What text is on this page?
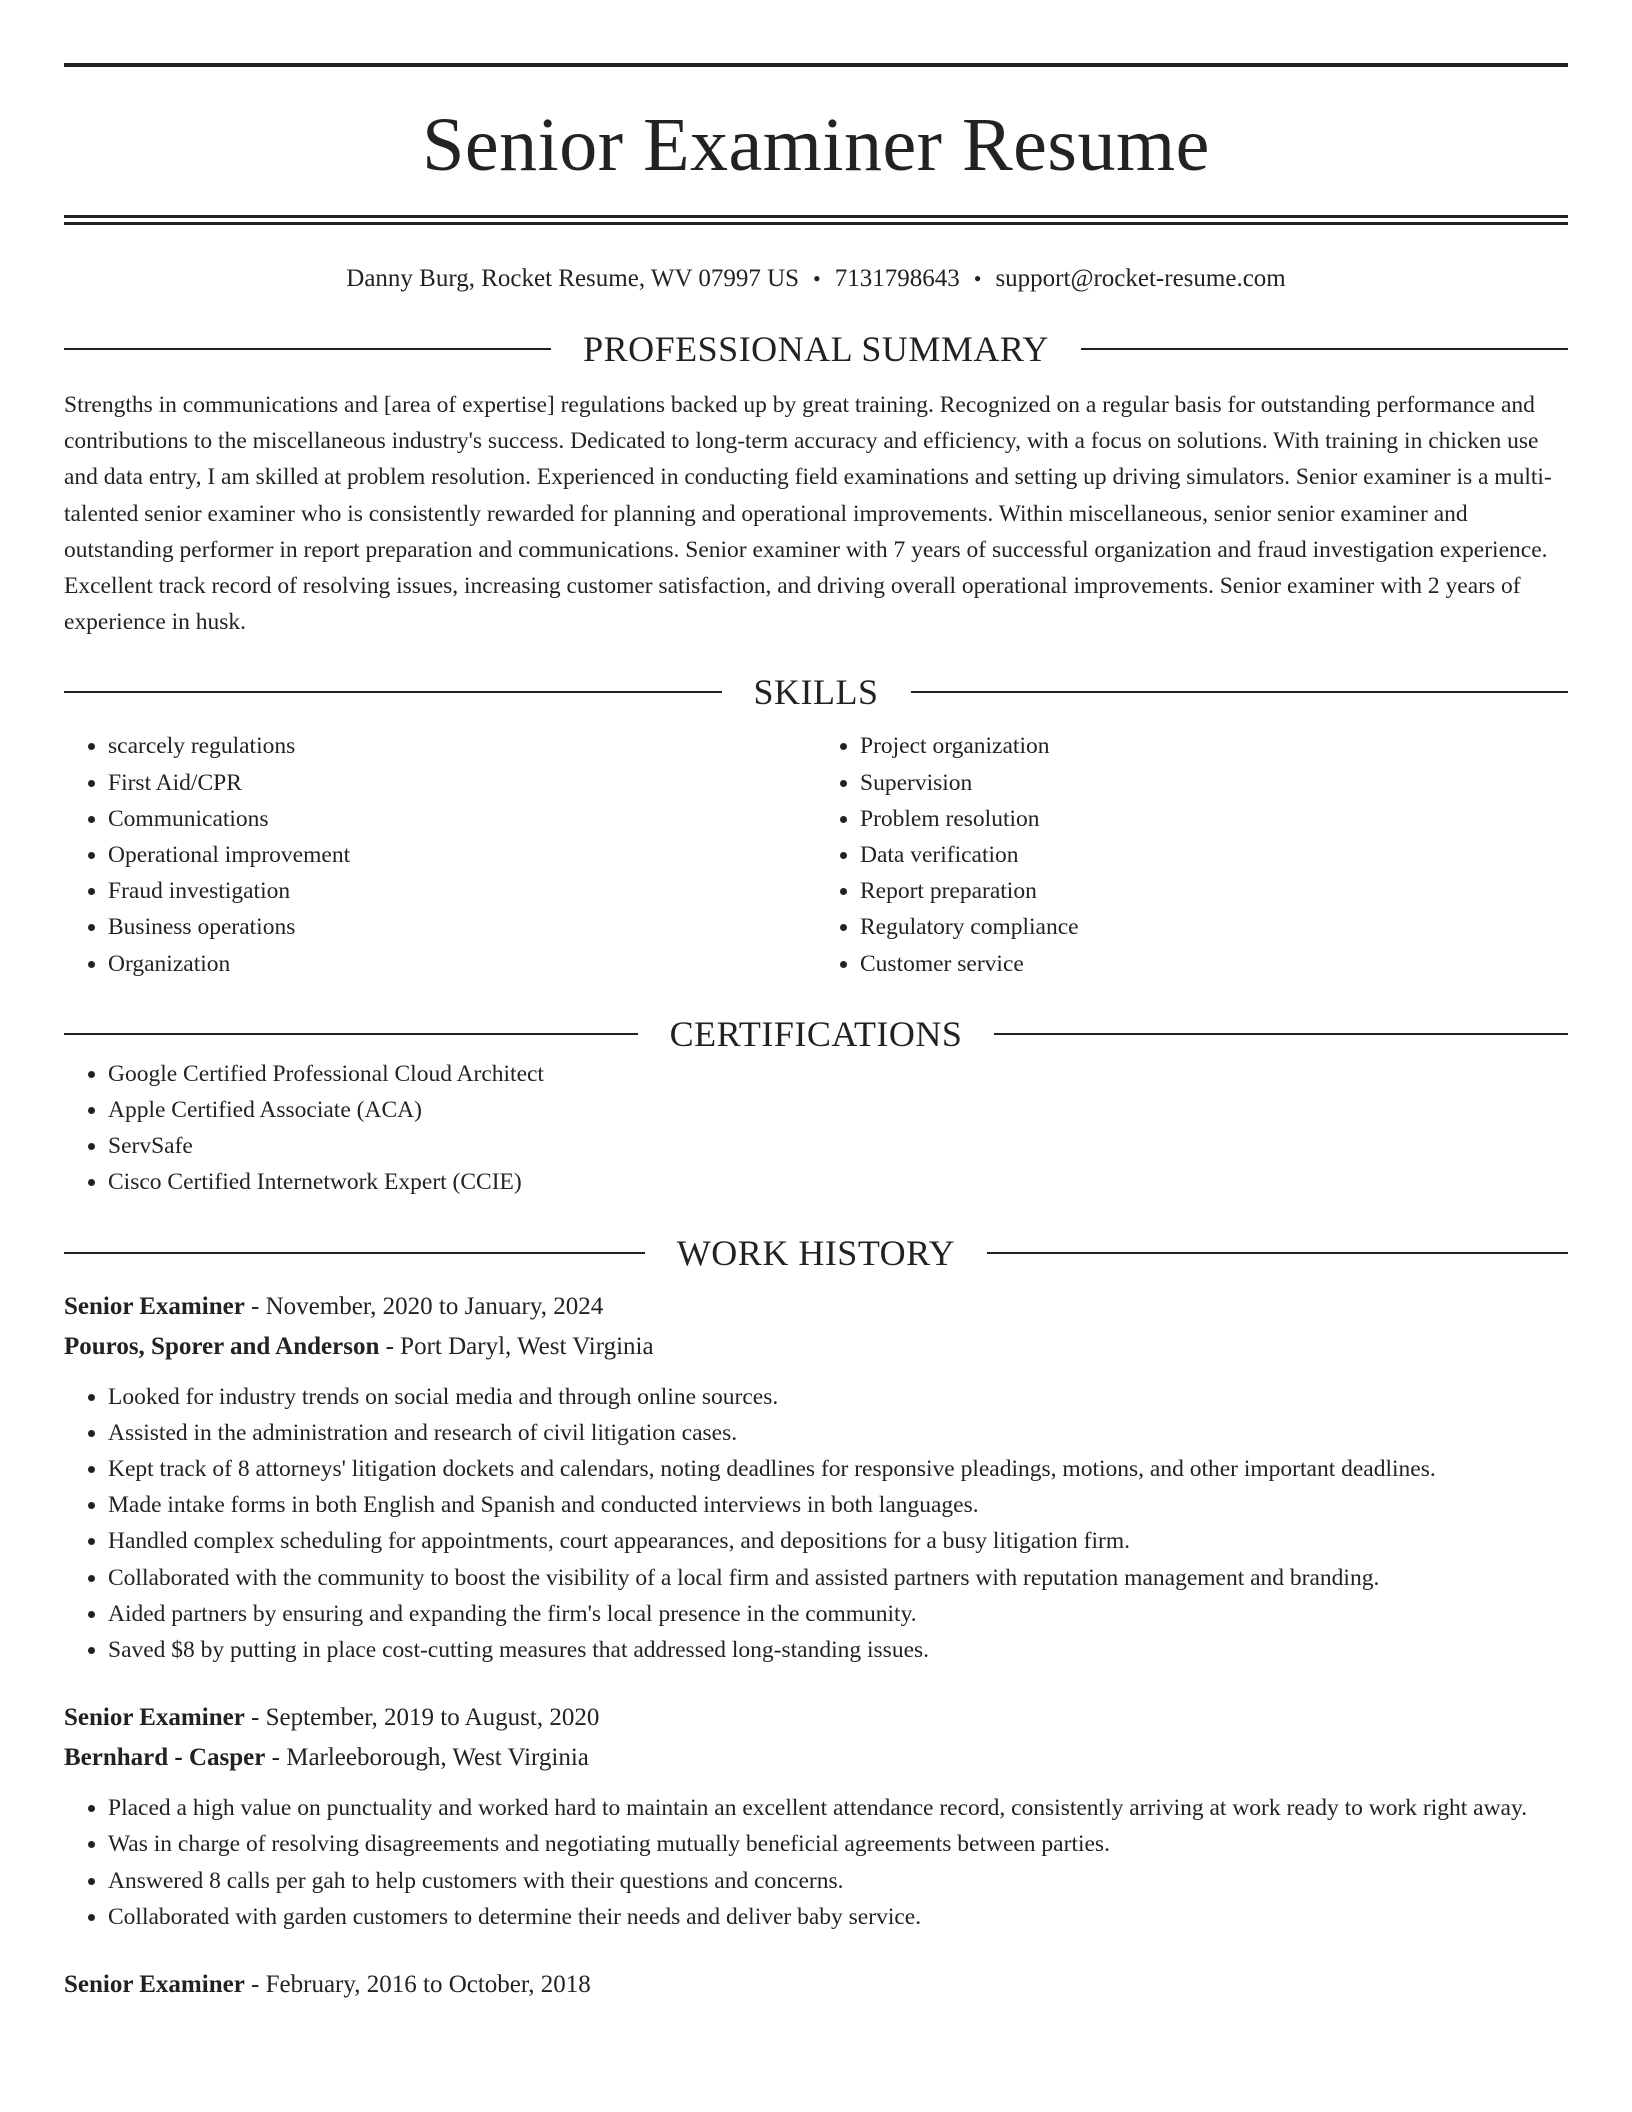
Senior Examiner Resume
Danny Burg, Rocket Resume, WV 07997 US • 7131798643 • support@rocket-resume.com
PROFESSIONAL SUMMARY

Strengths in communications and [area of expertise] regulations backed up by great training. Recognized on a regular basis for outstanding performance and contributions to the miscellaneous industry's success. Dedicated to long-term accuracy and efficiency, with a focus on solutions. With training in chicken use and data entry, I am skilled at problem resolution. Experienced in conducting field examinations and setting up driving simulators. Senior examiner is a multi-talented senior examiner who is consistently rewarded for planning and operational improvements. Within miscellaneous, senior senior examiner and outstanding performer in report preparation and communications. Senior examiner with 7 years of successful organization and fraud investigation experience. Excellent track record of resolving issues, increasing customer satisfaction, and driving overall operational improvements. Senior examiner with 2 years of experience in husk.

SKILLS
• scarcely regulations
• First Aid/CPR
• Communications
• Operational improvement
• Fraud investigation
• Business operations
• Organization
• Project organization
• Supervision
• Problem resolution
• Data verification
• Report preparation
• Regulatory compliance
• Customer service
CERTIFICATIONS
• Google Certified Professional Cloud Architect
• Apple Certified Associate (ACA)
• ServSafe
• Cisco Certified Internetwork Expert (CCIE)
WORK HISTORY
Senior Examiner - November, 2020 to January, 2024
Pouros, Sporer and Anderson - Port Daryl, West Virginia
• Looked for industry trends on social media and through online sources.
• Assisted in the administration and research of civil litigation cases.
• Kept track of 8 attorneys' litigation dockets and calendars, noting deadlines for responsive pleadings, motions, and other important deadlines.
• Made intake forms in both English and Spanish and conducted interviews in both languages.
• Handled complex scheduling for appointments, court appearances, and depositions for a busy litigation firm.
• Collaborated with the community to boost the visibility of a local firm and assisted partners with reputation management and branding.
• Aided partners by ensuring and expanding the firm's local presence in the community.
• Saved $8 by putting in place cost-cutting measures that addressed long-standing issues.
Senior Examiner - September, 2019 to August, 2020
Bernhard - Casper - Marleeborough, West Virginia
• Placed a high value on punctuality and worked hard to maintain an excellent attendance record, consistently arriving at work ready to work right away.
• Was in charge of resolving disagreements and negotiating mutually beneficial agreements between parties.
• Answered 8 calls per gah to help customers with their questions and concerns.
• Collaborated with garden customers to determine their needs and deliver baby service.
Senior Examiner - February, 2016 to October, 2018
